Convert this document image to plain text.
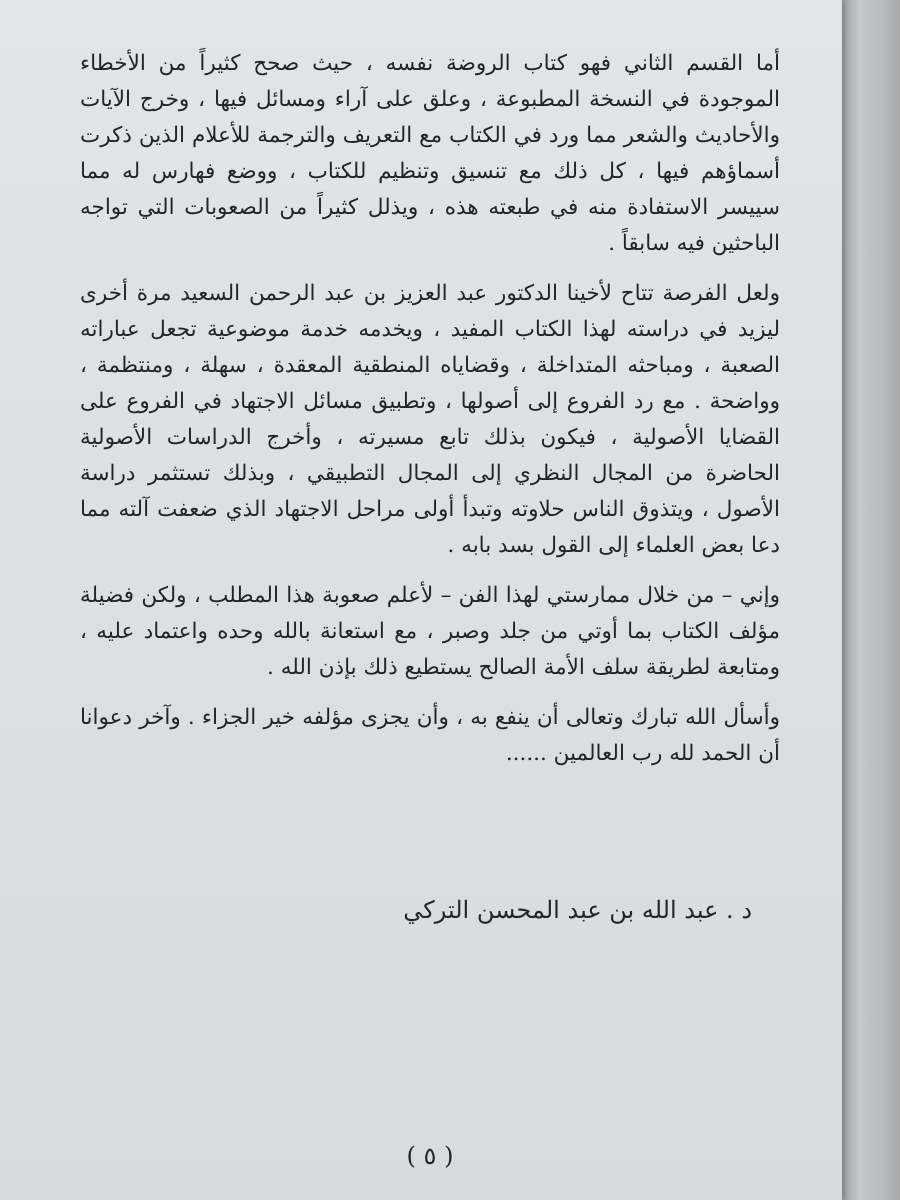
أما القسم الثاني فهو كتاب الروضة نفسه ، حيث صحح كثيراً من الأخطاء الموجودة في النسخة المطبوعة ، وعلق على آراء ومسائل فيها ، وخرج الآيات والأحاديث والشعر مما ورد في الكتاب مع التعريف والترجمة للأعلام الذين ذكرت أسماؤهم فيها ، كل ذلك مع تنسيق وتنظيم للكتاب ، ووضع فهارس له مما سييسر الاستفادة منه في طبعته هذه ، ويذلل كثيراً من الصعوبات التي تواجه الباحثين فيه سابقاً .

ولعل الفرصة تتاح لأخينا الدكتور عبد العزيز بن عبد الرحمن السعيد مرة أخرى ليزيد في دراسته لهذا الكتاب المفيد ، ويخدمه خدمة موضوعية تجعل عباراته الصعبة ، ومباحثه المتداخلة ، وقضاياه المنطقية المعقدة ، سهلة ، ومنتظمة ، وواضحة . مع رد الفروع إلى أصولها ، وتطبيق مسائل الاجتهاد في الفروع على القضايا الأصولية ، فيكون بذلك تابع مسيرته ، وأخرج الدراسات الأصولية الحاضرة من المجال النظري إلى المجال التطبيقي ، وبذلك تستثمر دراسة الأصول ، ويتذوق الناس حلاوته وتبدأ أولى مراحل الاجتهاد الذي ضعفت آلته مما دعا بعض العلماء إلى القول بسد بابه .

وإني – من خلال ممارستي لهذا الفن – لأعلم صعوبة هذا المطلب ، ولكن فضيلة مؤلف الكتاب بما أوتي من جلد وصبر ، مع استعانة بالله وحده واعتماد عليه ، ومتابعة لطريقة سلف الأمة الصالح يستطيع ذلك بإذن الله .

وأسأل الله تبارك وتعالى أن ينفع به ، وأن يجزى مؤلفه خير الجزاء . وآخر دعوانا أن الحمد لله رب العالمين ......

د . عبد الله بن عبد المحسن التركي
( ٥ )
